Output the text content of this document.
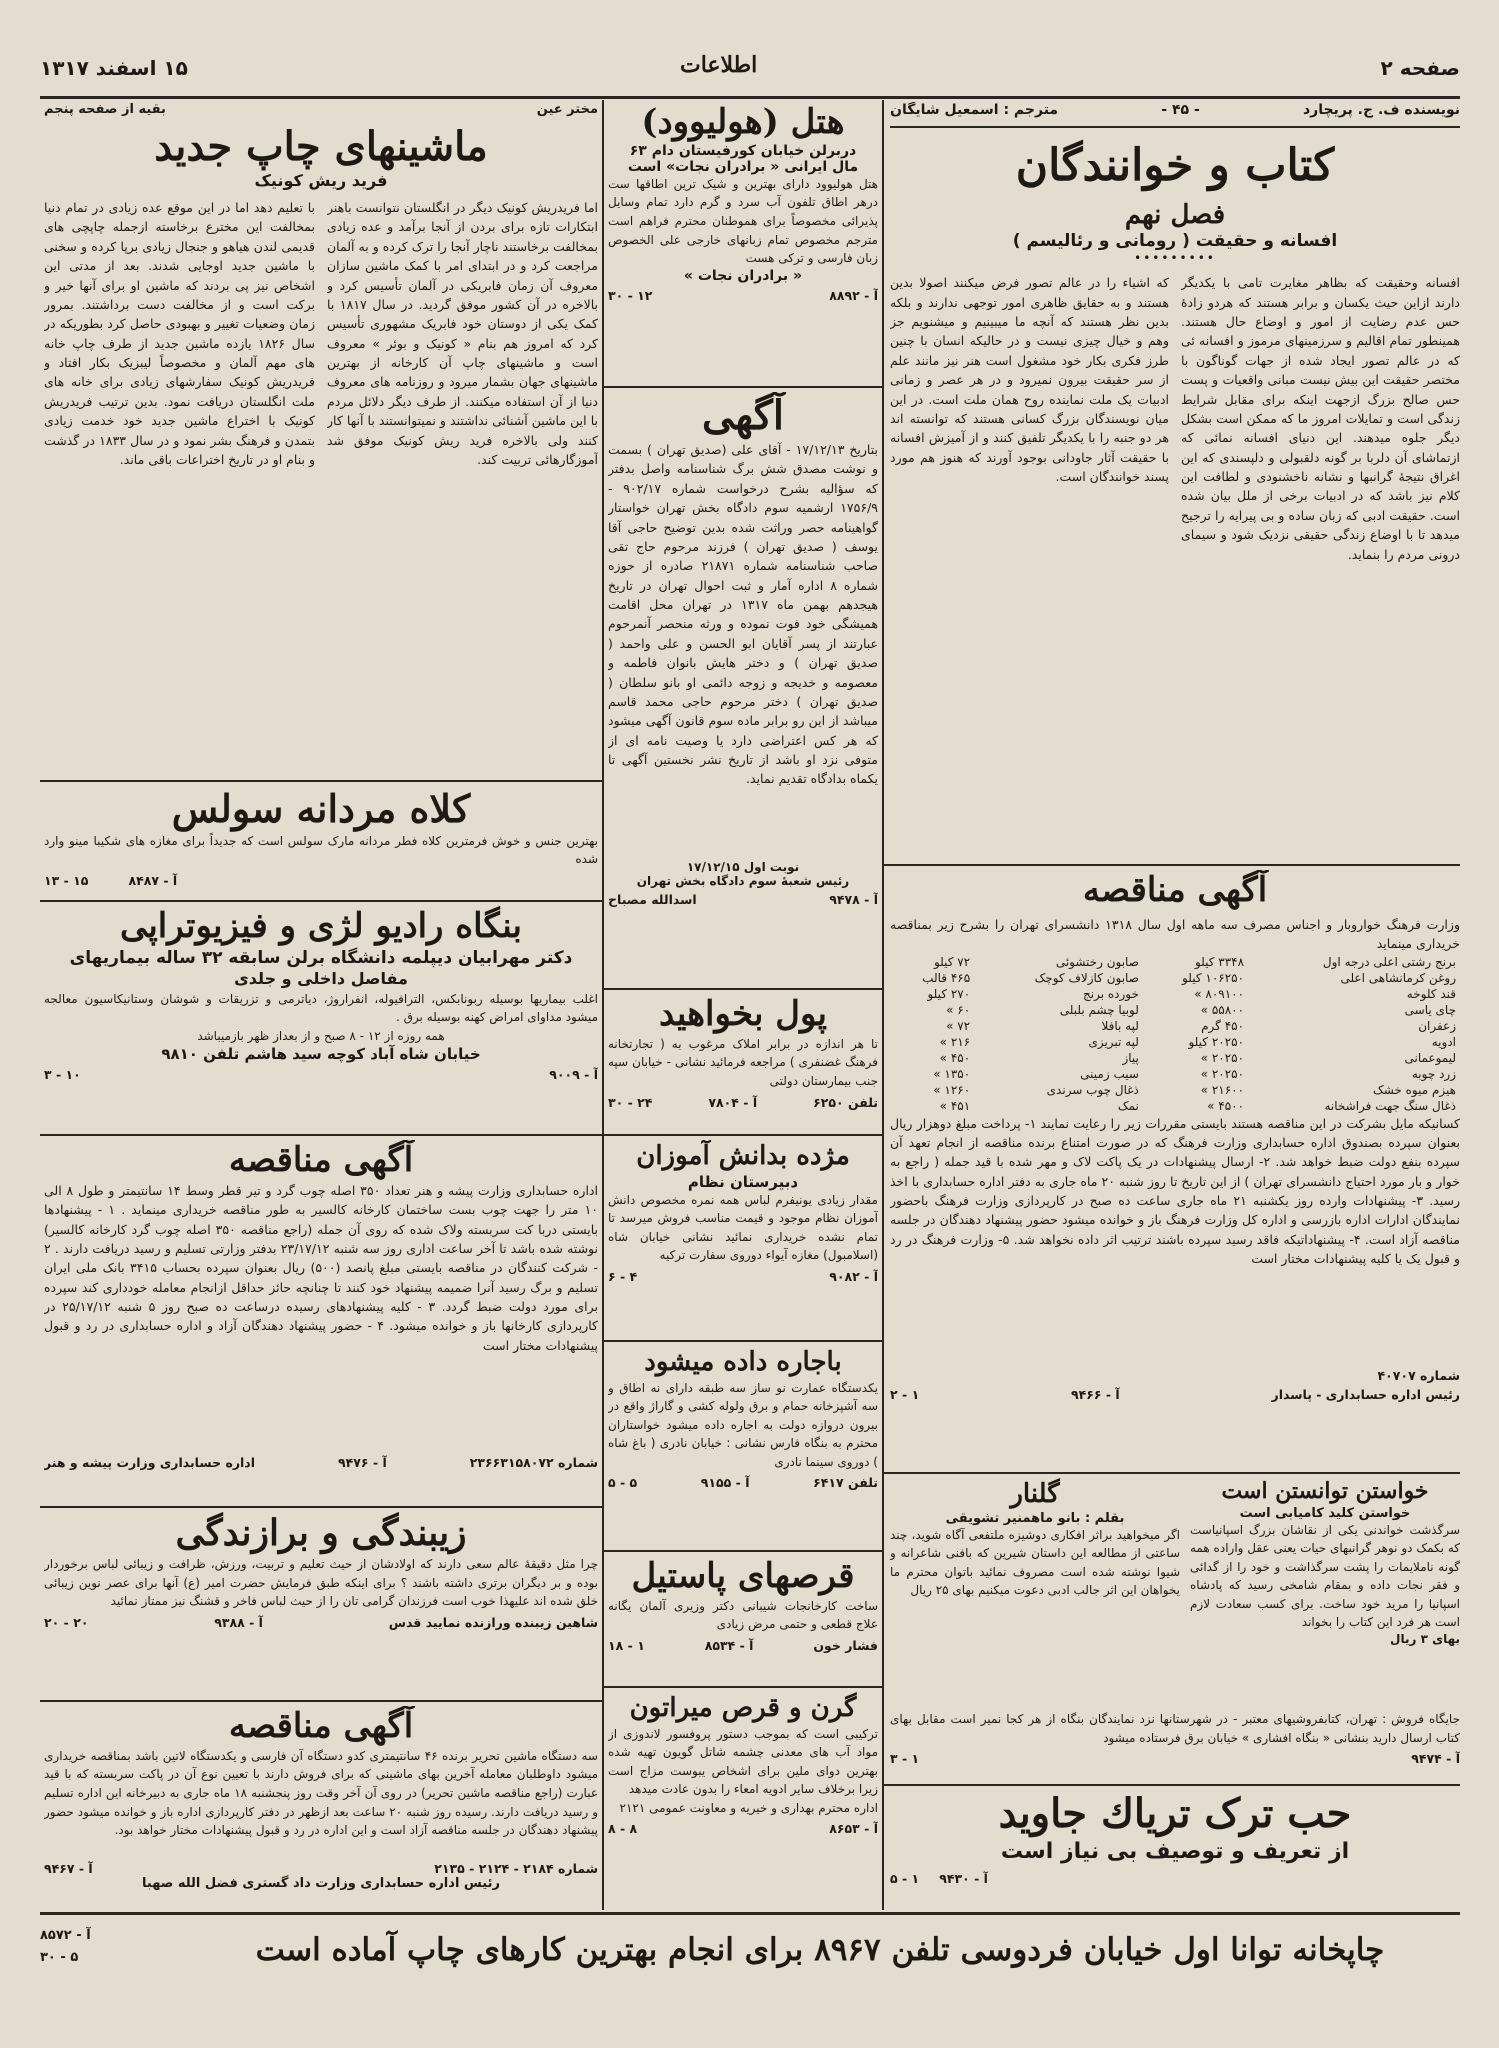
صفحه ۲
اطلاعات
۱۵ اسفند ۱۳۱۷
نویسنده ف. ج. پریچارد
- ۴۵ -
مترجم : اسمعیل شایگان
کتاب و خوانندگان
فصل نهم
افسانه و حقیقت ( رومانی و رئالیسم )
•••••••••
افسانه وحقیقت که بظاهر مغایرت تامی با یکدیگر دارند ازاین حیث یکسان و برابر هستند که هردو زادهٔ حس عدم رضایت از امور و اوضاع حال هستند. همینطور تمام اقالیم و سرزمینهای مرموز و افسانه ئی که در عالم تصور ایجاد شده از جهات گوناگون با مختصر حقیقت این بیش نیست مبانی واقعیات و پست حس صالح بزرگ ازجهت اینکه برای مقابل شرایط زندگی است و تمایلات امروز ما که ممکن است بشکل دیگر جلوه میدهند. این دنیای افسانه نمائی که ازتماشای آن دلربا بر گونه دلقبولی و دلپسندی که این اغراق نتیجهٔ گرانبها و نشانه ناخشنودی و لطافت این کلام نیز باشد که در ادبیات برخی از ملل بیان شده است. حقیقت ادبی که زبان ساده و بی پیرایه را ترجیح میدهد تا با اوضاع زندگی حقیقی نزدیک شود و سیمای درونی مردم را بنماید.
که اشیاء را در عالم تصور فرض میکنند اصولا بدین هستند و به حقایق ظاهری امور توجهی ندارند و بلکه بدین نظر هستند که آنچه ما میبینیم و میشنویم جز وهم و خیال چیزی نیست و در حالیکه انسان با چنین طرز فکری بکار خود مشغول است هنر نیز مانند علم از سر حقیقت بیرون نمیرود و در هر عصر و زمانی ادبیات یک ملت نماینده روح همان ملت است. در این میان نویسندگان بزرگ کسانی هستند که توانسته اند هر دو جنبه را با یکدیگر تلفیق کنند و از آمیزش افسانه با حقیقت آثار جاودانی بوجود آورند که هنوز هم مورد پسند خوانندگان است.
آگهی مناقصه
وزارت فرهنگ خواروبار و اجناس مصرف سه ماهه اول سال ۱۳۱۸ دانشسرای تهران را بشرح زیر بمناقصه خریداری مینماید
برنج رشتی اعلی درجه اول	۳۳۴۸ کیلو	صابون رختشوئی	۷۲ کیلو
روغن کرمانشاهی اعلی	۱۰۶۲۵۰ کیلو	صابون کازلاف کوچک	۴۶۵ قالب
قند کلوخه	۸۰۹۱۰۰ »	خورده برنج	۲۷۰ کیلو
چای یاسی	۵۵۸۰۰ »	لوبیا چشم بلبلی	۶۰ »
زعفران	۴۵۰ گرم	لپه بافلا	۷۲ »
ادویه	۲۰۲۵۰ کیلو	لپه تبریزی	۲۱۶ »
لیموعمانی	۲۰۲۵۰ »	پیاز	۴۵۰ »
زرد چوبه	۲۰۲۵۰ »	سیب زمینی	۱۳۵۰ »
هیزم میوه خشک	۲۱۶۰۰ »	ذغال چوب سرندی	۱۲۶۰ »
ذغال سنگ جهت فراشخانه	۴۵۰۰ »	نمک	۴۵۱ »
کسانیکه مایل بشرکت در این مناقصه هستند بایستی مقررات زیر را رعایت نمایند ۱- پرداخت مبلغ دوهزار ریال بعنوان سپرده بصندوق اداره حسابداری وزارت فرهنگ که در صورت امتناع برنده مناقصه از انجام تعهد آن سپرده بنفع دولت ضبط خواهد شد. ۲- ارسال پیشنهادات در یک پاکت لاک و مهر شده با قید جمله ( راجع به خوار و بار مورد احتیاج دانشسرای تهران ) از این تاریخ تا روز شنبه ۲۰ ماه جاری به دفتر اداره حسابداری با اخذ رسید. ۳- پیشنهادات وارده روز یکشنبه ۲۱ ماه جاری ساعت ده صبح در کارپردازی وزارت فرهنگ باحضور نمایندگان ادارات اداره بازرسی و اداره کل وزارت فرهنگ باز و خوانده میشود حضور پیشنهاد دهندگان در جلسه مناقصه آزاد است. ۴- پیشنهاداتیکه فاقد رسید سپرده باشند ترتیب اثر داده نخواهد شد. ۵- وزارت فرهنگ در رد و قبول یک یا کلیه پیشنهادات مختار است
شماره ۴۰۷۰۷
رئیس اداره حسابداری - پاسدار
آ - ۹۴۶۶
۱ - ۲
خواستن توانستن است
خواستن کلید کامیابی است
سرگذشت خواندنی یکی از نقاشان بزرگ اسپانیاست که بکمک دو نوهر گرانبهای حیات یعنی عقل واراده همه گونه ناملایمات را پشت سرگذاشت و خود را از گدائی و فقر نجات داده و بمقام شامخی رسید که پادشاه اسپانیا را مرید خود ساخت. برای کسب سعادت لازم است هر فرد این کتاب را بخواند
بهای ۳ ریال
گلنار
بقلم : بانو ماهمنیر تشویقی
اگر میخواهید براثر افکاری دوشیزه ملتفعی آگاه شوید، چند ساعتی از مطالعه این داستان شیرین که بافنی شاعرانه و شیوا نوشته شده است مصروف نمائید باتوان محترم ما یخواهان این اثر جالب ادبی دعوت میکنیم بهای ۲۵ ریال
جایگاه فروش : تهران، کتابفروشیهای معتبر - در شهرستانها نزد نمایندگان بنگاه از هر کجا نمیر است مقابل بهای کتاب ارسال دارید بنشانی « بنگاه افشاری » خیابان برق فرستاده میشود
آ - ۹۴۷۴
۱ - ۳
حب ترک تریاك جاوید
از تعریف و توصیف بی نیاز است
آ - ۹۴۳۰
۱ - ۵
هتل (هولیوود)
دربرلن خیابان کورفیستان دام ۶۳
مال ایرانی « برادران نجات» است
هتل هولیوود دارای بهترین و شیک ترین اطاقها ست درهر اطاق تلفون آب سرد و گرم دارد تمام وسایل پذیرائی مخصوصاً برای هموطنان محترم فراهم است مترجم مخصوص تمام زبانهای خارجی علی الخصوص زبان فارسی و ترکی هست
« برادران نجات »
آ - ۸۸۹۲
۱۲ - ۳۰
آگهی
بتاریخ ۱۷/۱۲/۱۳ - آقای علی (صدیق تهران ) بسمت و نوشت مصدق شش برگ شناسنامه واصل بدفتر که سؤالیه بشرح درخواست شماره ۹۰۲/۱۷ - ۱۷۵۶/۹ ارشمیه سوم دادگاه بخش تهران خواستار گواهینامه حصر وراثت شده بدین توضیح حاجی آقا یوسف ( صدیق تهران ) فرزند مرحوم حاج تقی صاحب شناسنامه شماره ۲۱۸۷۱ صادره از حوزه شماره ۸ اداره آمار و ثبت احوال تهران در تاریخ هیجدهم بهمن ماه ۱۳۱۷ در تهران محل اقامت همیشگی خود فوت نموده و ورثه منحصر آنمرحوم عبارتند از پسر آقایان ابو الحسن و علی واحمد ( صدیق تهران ) و دختر هایش بانوان فاطمه و معصومه و خدیجه و زوجه دائمی او بانو سلطان ( صدیق تهران ) دختر مرحوم حاجی محمد قاسم میباشد از این رو برابر ماده سوم قانون آگهی میشود که هر کس اعتراضی دارد یا وصیت نامه ای از متوفی نزد او باشد از تاریخ نشر نخستین آگهی تا یکماه بدادگاه تقدیم نماید.
نوبت اول ۱۷/۱۲/۱۵
رئیس شعبهٔ سوم دادگاه بخش تهران
آ - ۹۴۷۸
اسدالله مصباح
پول بخواهید
تا هر اندازه در برابر املاک مرغوب به ( تجارتخانه فرهنگ غضنفری ) مراجعه فرمائید نشانی - خیابان سپه جنب بیمارستان دولتی
تلفن ۶۲۵۰
آ - ۷۸۰۴
۲۴ - ۳۰
مژده بدانش آموزان
دبیرستان نظام
مقدار زیادی یونیفرم لباس همه نمره مخصوص دانش آموزان نظام موجود و قیمت مناسب فروش میرسد تا تمام نشده خریداری نمائید نشانی خیابان شاه (اسلامبول) مغازه آیواء دوروی سفارت ترکیه
آ - ۹۰۸۲
۴ - ۶
باجاره داده میشود
یکدستگاه عمارت نو ساز سه طبقه دارای نه اطاق و سه آشپزخانه حمام و برق ولوله کشی و گاراژ واقع در بیرون دروازه دولت به اجاره داده میشود خواستاران محترم به بنگاه فارس نشانی : خیابان نادری ( باغ شاه ) دوروی سینما نادری
تلفن ۶۴۱۷
آ - ۹۱۵۵
۵ - ۵
قرصهای پاستیل
ساخت کارخانجات شیبانی دکتر وزیری آلمان یگانه علاج قطعی و حتمی مرض زیادی
فشار خون
آ - ۸۵۳۴
۱ - ۱۸
گرن و قرص میراتون
ترکیبی است که بموجب دستور پروفسور لاندوزی از مواد آب های معدنی چشمه شاتل گویون تهیه شده بهترین دوای ملین برای اشخاص یبوست مزاج است زیرا برخلاف سایر ادویه امعاء را بدون عادت میدهد
اداره محترم بهداری و خیریه و معاونت عمومی ۲۱۲۱
آ - ۸۶۵۳
۸ - ۸
مختر عین
بقیه از صفحه پنجم
ماشینهای چاپ جدید
فرید ریش کونیک
اما فریدریش کونیک دیگر در انگلستان نتوانست باهنر ابتکارات تازه برای بردن از آنجا برآمد و عده زیادی بمخالفت برخاستند ناچار آنجا را ترک کرده و به آلمان مراجعت کرد و در ابتدای امر با کمک ماشین سازان معروف آن زمان فابریکی در آلمان تأسیس کرد و بالاخره در آن کشور موفق گردید. در سال ۱۸۱۷ با کمک یکی از دوستان خود فابریک مشهوری تأسیس کرد که امروز هم بنام « کونیک و بوئر » معروف است و ماشینهای چاپ آن کارخانه از بهترین ماشینهای جهان بشمار میرود و روزنامه های معروف دنیا از آن استفاده میکنند. از طرف دیگر دلائل مردم با این ماشین آشنائی نداشتند و نمیتوانستند با آنها کار کنند ولی بالاخره فرید ریش کونیک موفق شد آموزگارهائی تربیت کند.
با تعلیم دهد اما در این موقع عده زیادی در تمام دنیا بمخالفت این مخترع برخاسته ازجمله چاپچی های قدیمی لندن هیاهو و جنجال زیادی برپا کرده و سخنی با ماشین جدید اوجایی شدند. بعد از مدتی این اشخاص نیز پی بردند که ماشین او برای آنها خیر و برکت است و از مخالفت دست برداشتند. بمرور زمان وضعیات تغییر و بهبودی حاصل کرد بطوریکه در سال ۱۸۲۶ یازده ماشین جدید از طرف چاپ خانه های مهم آلمان و مخصوصاً لیبزیک بکار افتاد و فریدریش کونیک سفارشهای زیادی برای خانه های ملت انگلستان دریافت نمود. بدین ترتیب فریدریش کونیک با اختراع ماشین جدید خود خدمت زیادی بتمدن و فرهنگ بشر نمود و در سال ۱۸۳۳ در گذشت و بنام او در تاریخ اختراعات باقی ماند.
کلاه مردانه سولس
بهترین جنس و خوش فرمترین کلاه فطر مردانه مارک سولس است که جدیداً برای مغازه های شکیبا مینو وارد شده
آ - ۸۴۸۷
۱۵ - ۱۳
بنگاه رادیو لژی و فیزیوتراپی
دکتر مهرابیان دیپلمه دانشگاه برلن سابقه ۳۲ ساله بیماریهای
مفاصل داخلی و جلدی
اغلب بیماریها بوسیله ربونابکس، الترافیوله، انفراروژ، دیاترمی و تزریقات و شوشان وستانیکاسیون معالجه میشود مداوای امراض کهنه بوسیله برق .
همه روزه از ۱۲ - ۸ صبح و از بعداز ظهر بازمیباشد
خیابان شاه آباد کوچه سید هاشم تلفن ۹۸۱۰
آ - ۹۰۰۹
۱۰ - ۳
آگهی مناقصه
اداره حسابداری وزارت پیشه و هنر تعداد ۳۵۰ اصله چوب گرد و تیر قطر وسط ۱۴ سانتیمتر و طول ۸ الی ۱۰ متر را جهت چوب بست ساختمان کارخانه کالسیر به طور مناقصه خریداری مینماید . ۱ - پیشنهادها بایستی دربا کت سربسته ولاک شده که روی آن جمله (راجع مناقصه ۳۵۰ اصله چوب گرد کارخانه کالسیر) نوشته شده باشد تا آخر ساعت اداری روز سه شنبه ۲۳/۱۷/۱۲ بدفتر وزارتی تسلیم و رسید دریافت دارند . ۲ - شرکت کنندگان در مناقصه بایستی مبلغ پانصد (۵۰۰) ریال بعنوان سپرده بحساب ۳۴۱۵ بانک ملی ایران تسلیم و برگ رسید آنرا ضمیمه پیشنهاد خود کنند تا چنانچه حائز حداقل ازانجام معامله خودداری کند سپرده برای مورد دولت ضبط گردد. ۳ - کلیه پیشنهادهای رسیده درساعت ده صبح روز ۵ شنبه ۲۵/۱۷/۱۲ در کارپردازی کارخانها باز و خوانده میشود. ۴ - حضور پیشنهاد دهندگان آزاد و اداره حسابداری در رد و قبول پیشنهادات مختار است
شماره ۲۳۶۶۳۱۵۸۰۷۲
آ - ۹۴۷۶
اداره حسابداری وزارت پیشه و هنر
زیبندگی و برازندگی
چرا مثل دقیقهٔ عالم سعی دارند که اولادشان از حیث تعلیم و تربیت، ورزش، ظرافت و زیبائی لباس برخوردار بوده و بر دیگران برتری داشته باشند ؟ برای اینکه طبق فرمایش حضرت امیر (ع) آنها برای عصر نوین زیبائی خلق شده اند علیهذا خوب است فرزندان گرامی تان را از حیث لباس فاخر و قشنگ نیز ممتاز نمائید
شاهین زیبنده ورازنده نمایید قدس
آ - ۹۳۸۸
۲۰ - ۲۰
آگهی مناقصه
سه دستگاه ماشین تحریر برنده ۴۶ سانتیمتری کدو دستگاه آن فارسی و یکدستگاه لاتین باشد بمناقصه خریداری میشود داوطلبان معامله آخرین بهای ماشینی که برای فروش دارند با تعیین نوع آن در پاکت سربسته که با قید عبارت (راجع مناقصه ماشین تحریر) در روی آن آخر وقت روز پنجشنبه ۱۸ ماه جاری به دبیرخانه این اداره تسلیم و رسید دریافت دارند. رسیده روز شنبه ۲۰ ساعت بعد ازظهر در دفتر کارپردازی اداره باز و خوانده میشود حضور پیشنهاد دهندگان در جلسه مناقصه آزاد است و این اداره در رد و قبول پیشنهادات مختار خواهد بود.
شماره ۲۱۸۴ - ۲۱۲۴ - ۲۱۳۵
آ - ۹۴۶۷
رئیس اداره حسابداری وزارت داد گستری فضل الله صهبا
چاپخانه توانا اول خیابان فردوسی تلفن ۸۹۶۷ برای انجام بهترین کارهای چاپ آماده است
آ - ۸۵۷۲
۵ - ۳۰
